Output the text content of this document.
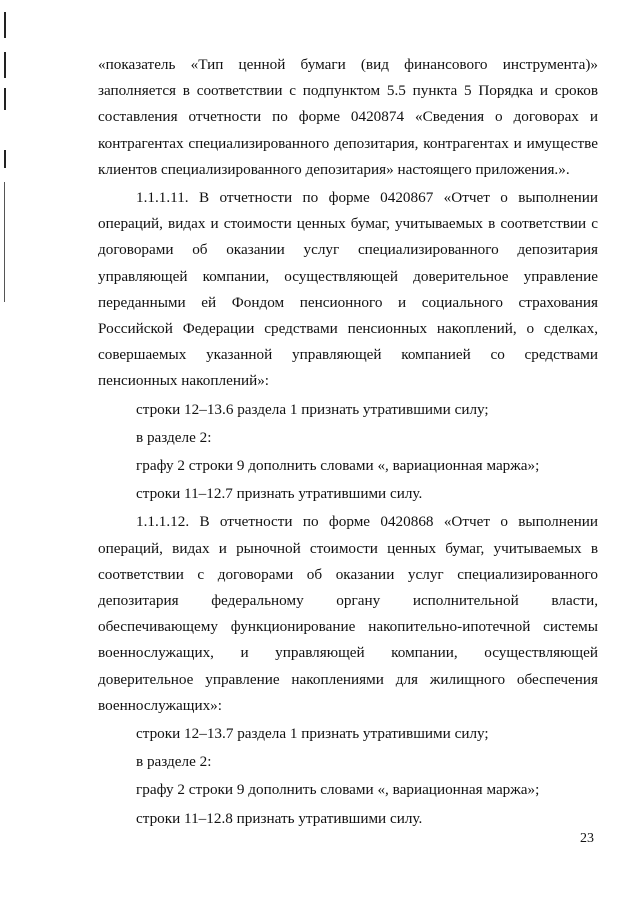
«показатель «Тип ценной бумаги (вид финансового инструмента)» заполняется в соответствии с подпунктом 5.5 пункта 5 Порядка и сроков составления отчетности по форме 0420874 «Сведения о договорах и контрагентах специализированного депозитария, контрагентах и имуществе клиентов специализированного депозитария» настоящего приложения.».

1.1.1.11. В отчетности по форме 0420867 «Отчет о выполнении операций, видах и стоимости ценных бумаг, учитываемых в соответствии с договорами об оказании услуг специализированного депозитария управляющей компании, осуществляющей доверительное управление переданными ей Фондом пенсионного и социального страхования Российской Федерации средствами пенсионных накоплений, о сделках, совершаемых указанной управляющей компанией со средствами пенсионных накоплений»:

строки 12–13.6 раздела 1 признать утратившими силу;

в разделе 2:

графу 2 строки 9 дополнить словами «, вариационная маржа»;

строки 11–12.7 признать утратившими силу.

1.1.1.12. В отчетности по форме 0420868 «Отчет о выполнении операций, видах и рыночной стоимости ценных бумаг, учитываемых в соответствии с договорами об оказании услуг специализированного депозитария федеральному органу исполнительной власти, обеспечивающему функционирование накопительно-ипотечной системы военнослужащих, и управляющей компании, осуществляющей доверительное управление накоплениями для жилищного обеспечения военнослужащих»:

строки 12–13.7 раздела 1 признать утратившими силу;

в разделе 2:

графу 2 строки 9 дополнить словами «, вариационная маржа»;

строки 11–12.8 признать утратившими силу.

23
